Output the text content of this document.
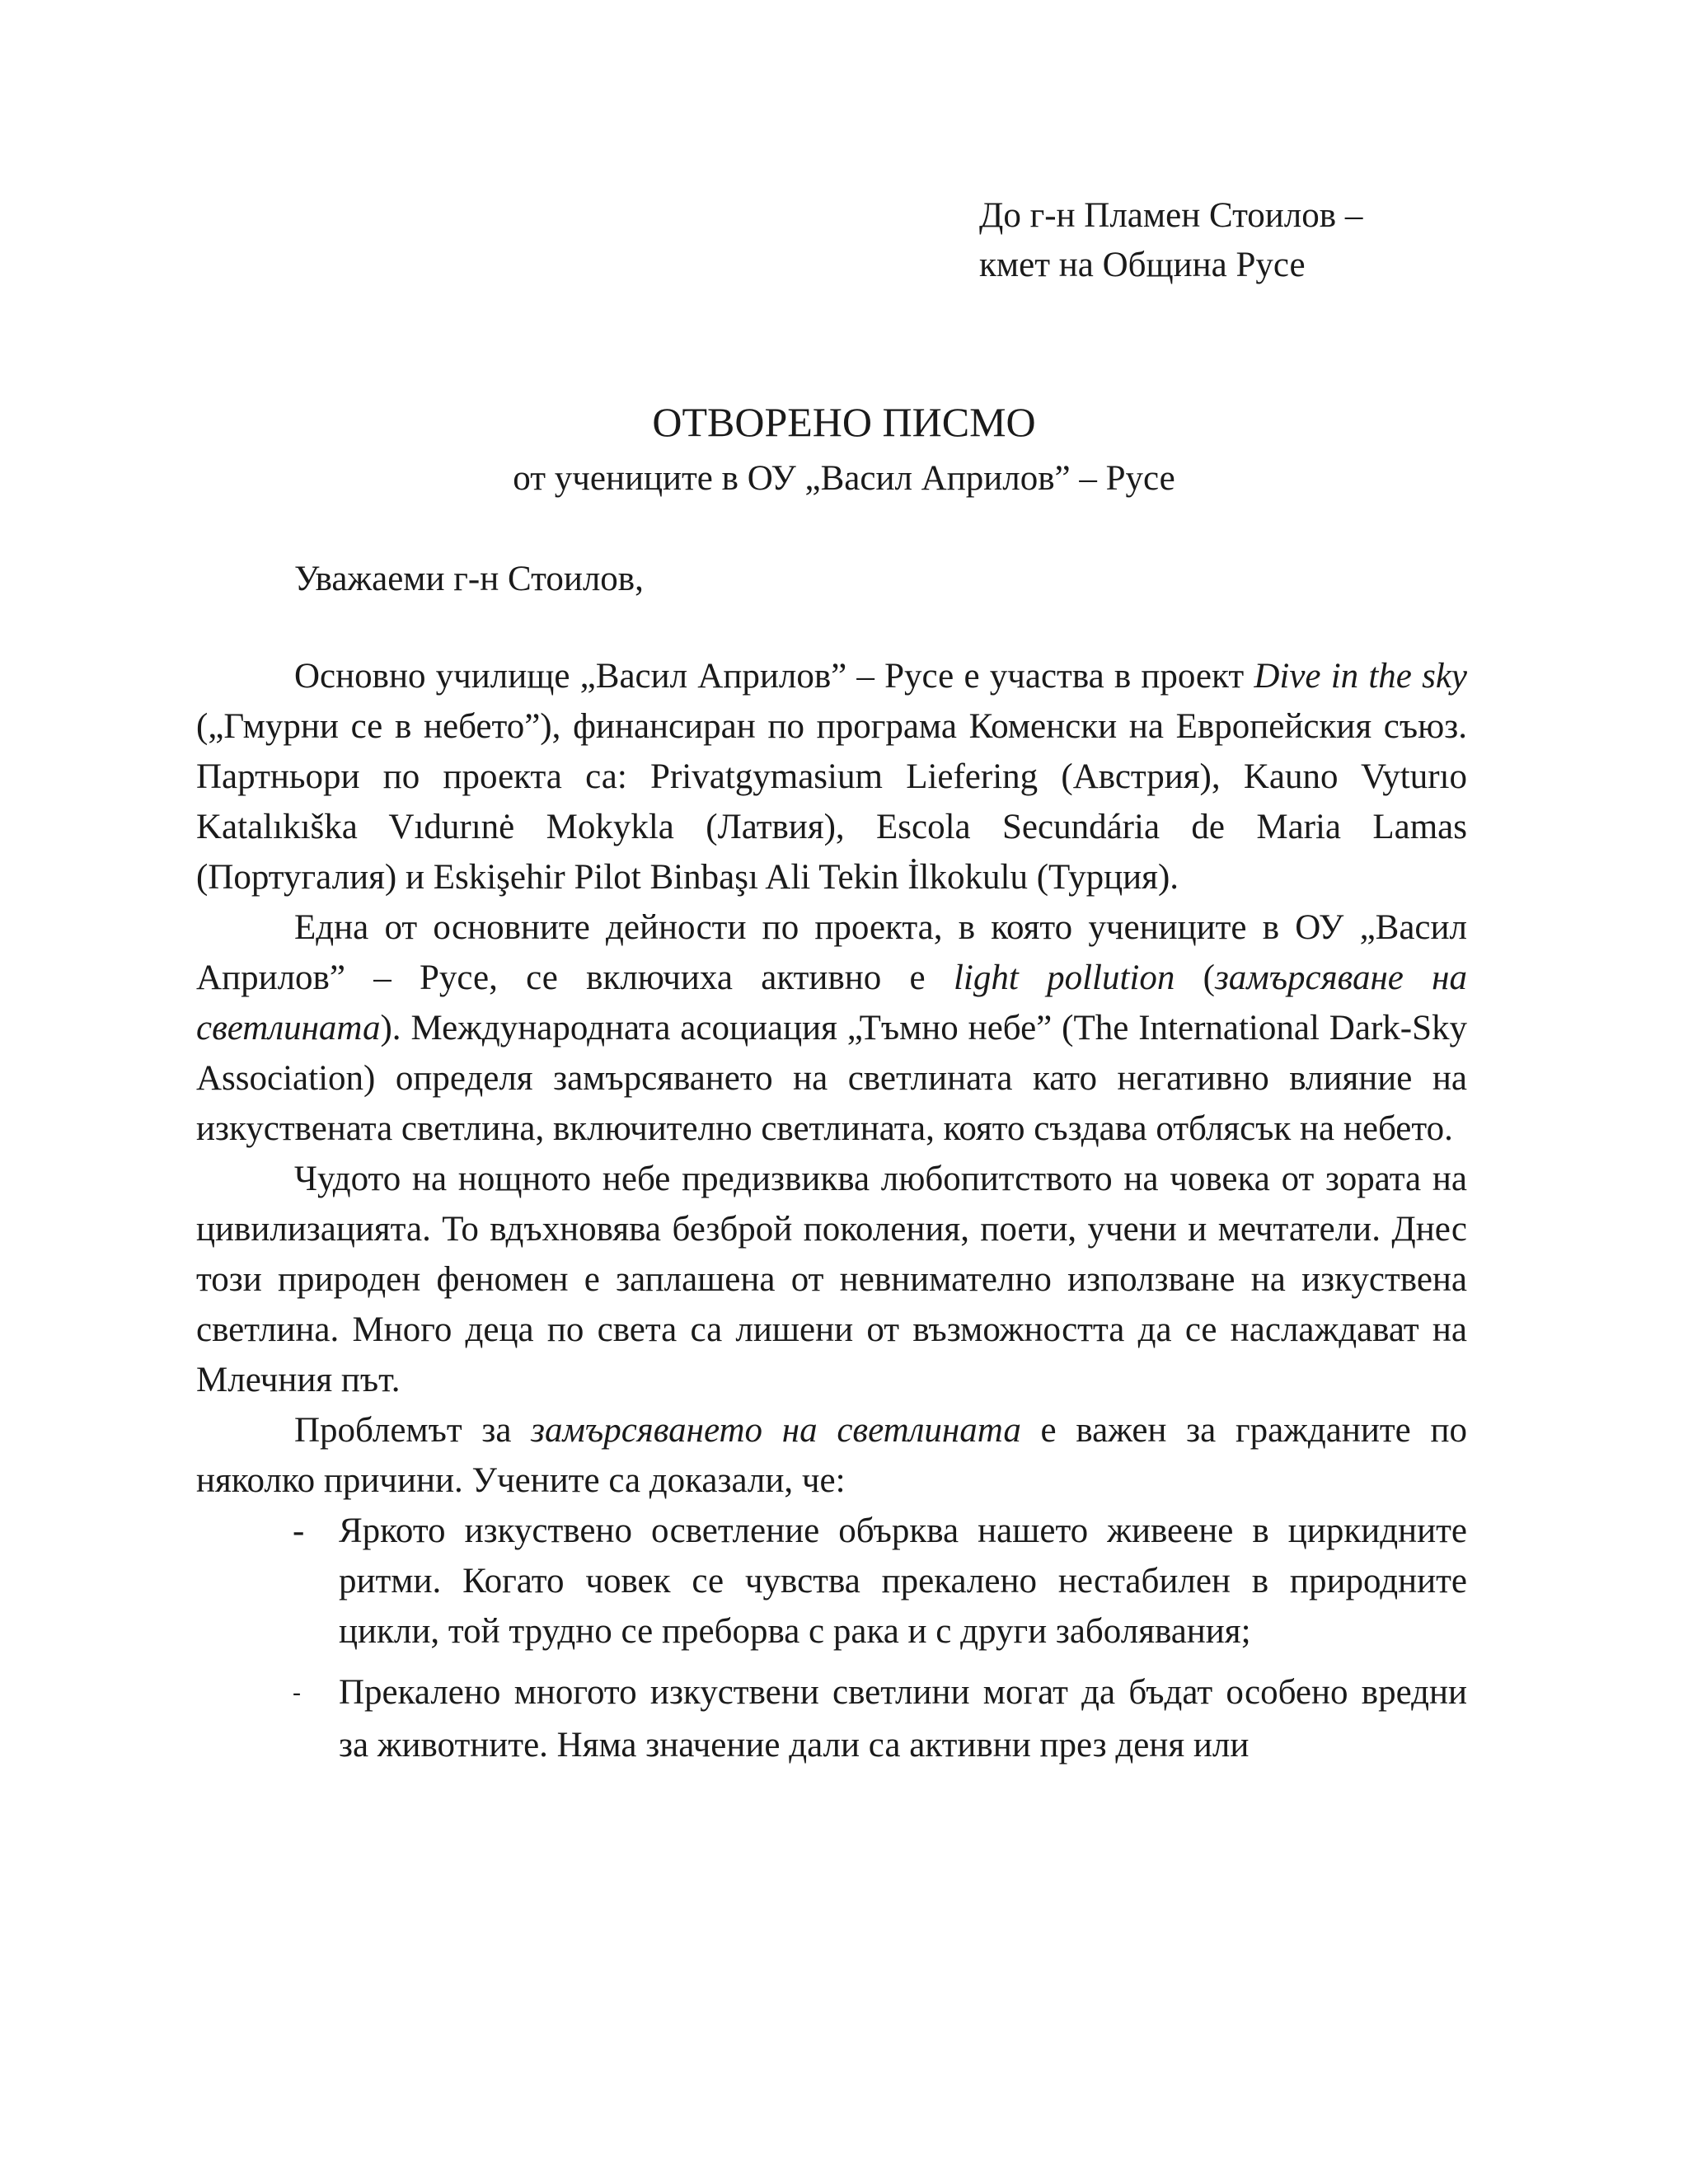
До г-н Пламен Стоилов –
кмет на Община Русе
ОТВОРЕНО ПИСМО
от учениците в ОУ „Васил Априлов” – Русе
Уважаеми г-н Стоилов,

Основно училище „Васил Априлов” – Русе е участва в проект Dive in the sky („Гмурни се в небето”), финансиран по програма Коменски на Европейския съюз. Партньори по проекта са: Privatgymasium Liefering (Австрия), Kauno Vyturıo Katalıkıška Vıdurınė Mokykla (Латвия), Escola Secundária de Maria Lamas (Португалия) и Eskişehir Pilot Binbaşı Ali Tekin İlkokulu (Турция).

Една от основните дейности по проекта, в която учениците в ОУ „Васил Априлов” – Русе, се включиха активно е light pollution (замърсяване на светлината). Международната асоциация „Тъмно небе” (The International Dark-Sky Association) определя замърсяването на светлината като негативно влияние на изкуствената светлина, включително светлината, която създава отблясък на небето.

Чудото на нощното небе предизвиква любопитството на човека от зората на цивилизацията. То вдъхновява безброй поколения, поети, учени и мечтатели. Днес този природен феномен е заплашена от невнимателно използване на изкуствена светлина. Много деца по света са лишени от възможността да се наслаждават на Млечния път.

Проблемът за замърсяването на светлината е важен за гражданите по няколко причини. Учените са доказали, че:

- Яркото изкуствено осветление обърква нашето живеене в циркидните ритми. Когато човек се чувства прекалено нестабилен в природните цикли, той трудно се преборва с рака и с други заболявания;
- Прекалено многото изкуствени светлини могат да бъдат особено вредни за животните. Няма значение дали са активни през деня или
